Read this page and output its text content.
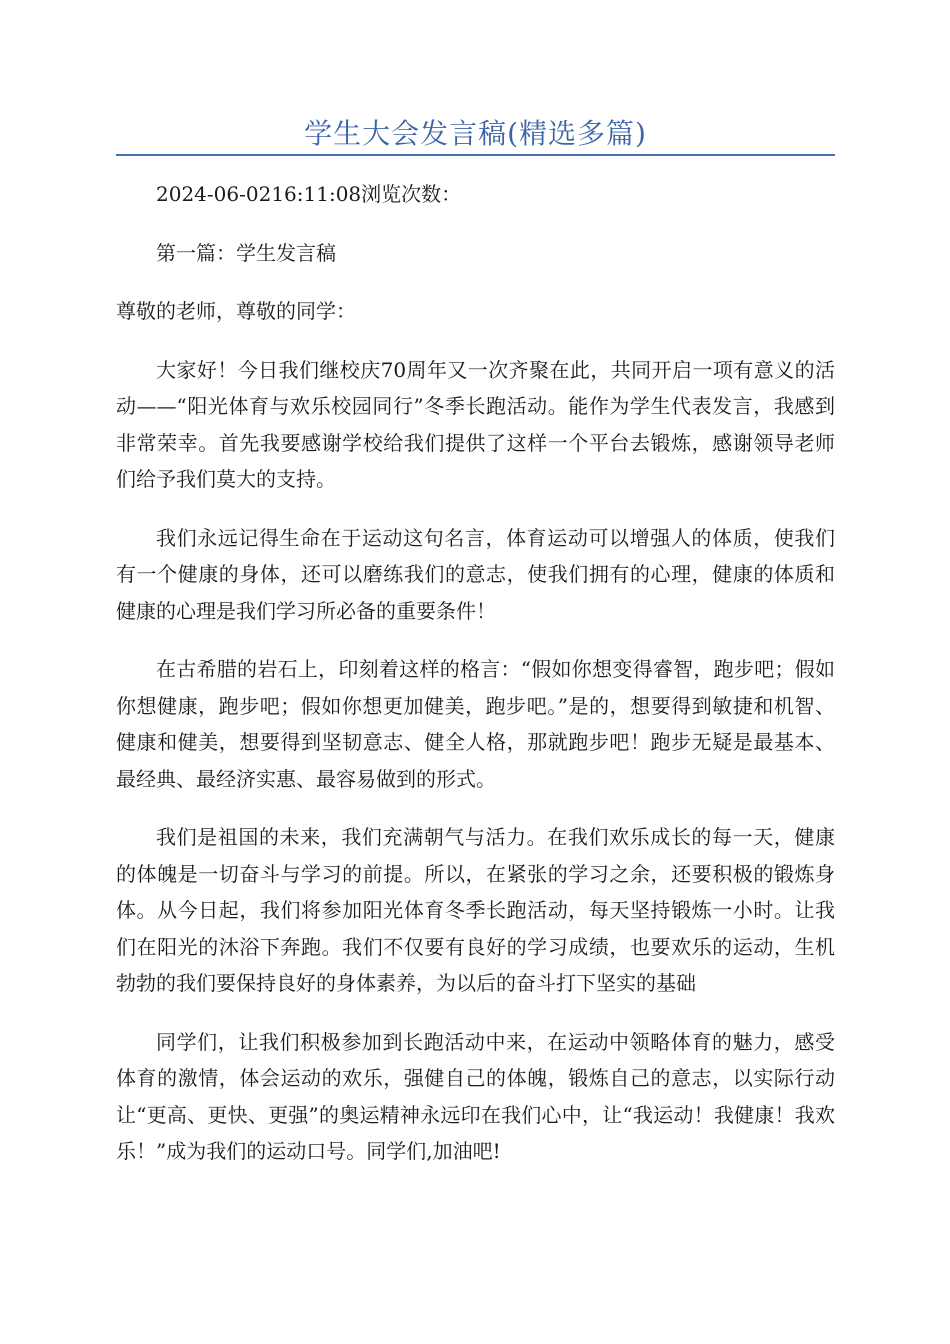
学生大会发言稿(精选多篇)

2024-06-0216:11:08浏览次数：

第一篇：学生发言稿

尊敬的老师，尊敬的同学：

大家好！今日我们继校庆70周年又一次齐聚在此，共同开启一项有意义的活动——“阳光体育与欢乐校园同行”冬季长跑活动。能作为学生代表发言，我感到非常荣幸。首先我要感谢学校给我们提供了这样一个平台去锻炼，感谢领导老师们给予我们莫大的支持。

我们永远记得生命在于运动这句名言，体育运动可以增强人的体质，使我们有一个健康的身体，还可以磨练我们的意志，使我们拥有的心理，健康的体质和健康的心理是我们学习所必备的重要条件！

在古希腊的岩石上，印刻着这样的格言：“假如你想变得睿智，跑步吧；假如你想健康，跑步吧；假如你想更加健美，跑步吧。”是的，想要得到敏捷和机智、健康和健美，想要得到坚韧意志、健全人格，那就跑步吧！跑步无疑是最基本、最经典、最经济实惠、最容易做到的形式。

我们是祖国的未来，我们充满朝气与活力。在我们欢乐成长的每一天，健康的体魄是一切奋斗与学习的前提。所以，在紧张的学习之余，还要积极的锻炼身体。从今日起，我们将参加阳光体育冬季长跑活动，每天坚持锻炼一小时。让我们在阳光的沐浴下奔跑。我们不仅要有良好的学习成绩，也要欢乐的运动，生机勃勃的我们要保持良好的身体素养，为以后的奋斗打下坚实的基础

同学们，让我们积极参加到长跑活动中来，在运动中领略体育的魅力，感受体育的激情，体会运动的欢乐，强健自己的体魄，锻炼自己的意志，以实际行动让“更高、更快、更强”的奥运精神永远印在我们心中，让“我运动！我健康！我欢乐！”成为我们的运动口号。同学们,加油吧!
